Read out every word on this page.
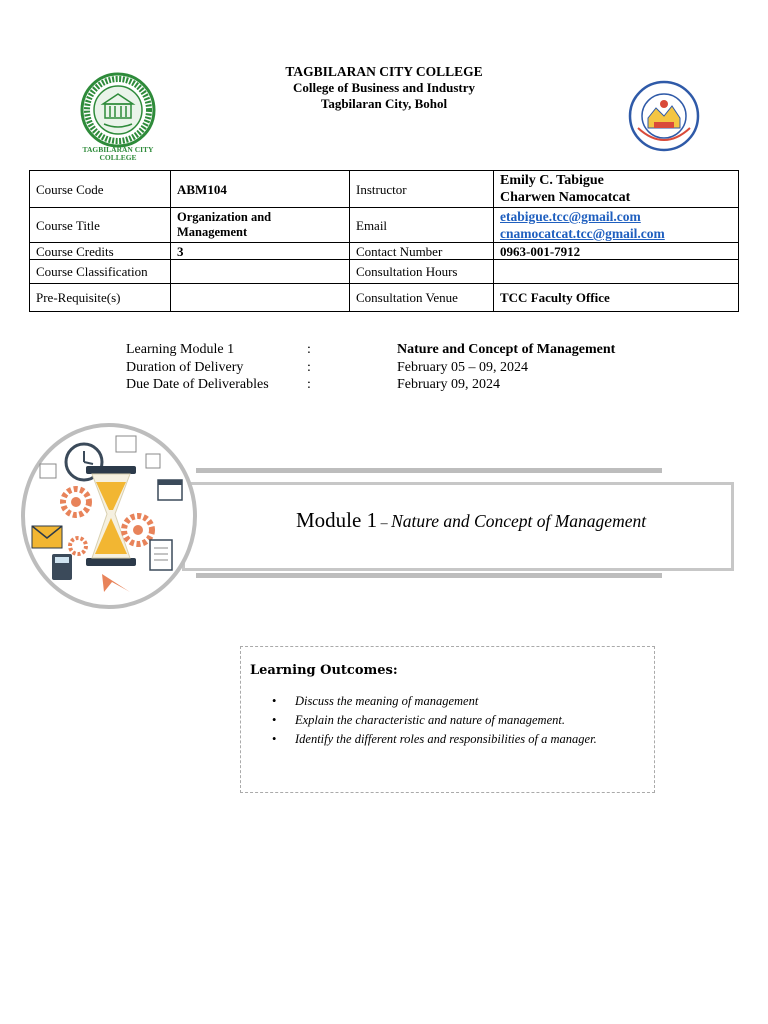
TAGBILARAN CITY COLLEGE
TAGBILARAN CITY COLLEGE
College of Business and Industry
Tagbilaran City, Bohol
Course Code	ABM104	Instructor	Emily C. Tabigue
Charwen Namocatcat

Course Title	Organization and Management	Email	etabigue.tcc@gmail.com
cnamocatcat.tcc@gmail.com

Course Credits	3	Contact Number	0963-001-7912
Course Classification		Consultation Hours	
Pre-Requisite(s)		Consultation Venue	TCC Faculty Office
Learning Module 1	:	Nature and Concept of Management
Duration of Delivery	:	February 05 – 09, 2024
Due Date of Deliverables	:	February 09, 2024
Module 1 – Nature and Concept of Management
Learning Outcomes:
• Discuss the meaning of management
• Explain the characteristic and nature of management.
• Identify the different roles and responsibilities of a manager.
